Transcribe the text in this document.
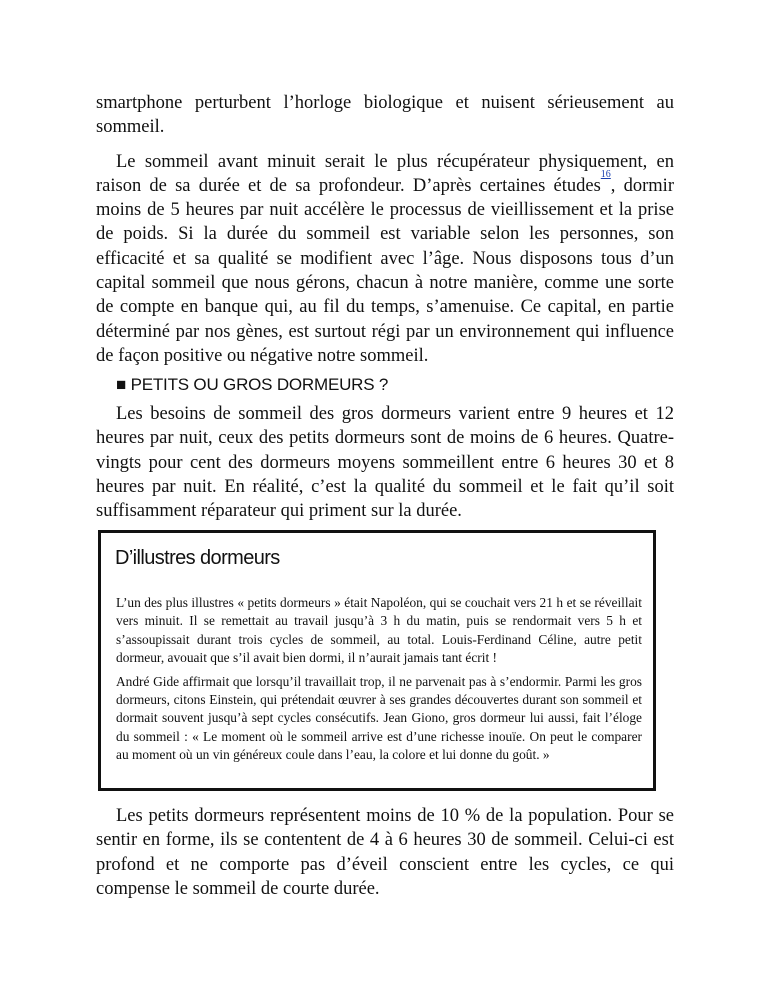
smartphone perturbent l’horloge biologique et nuisent sérieusement au sommeil.

Le sommeil avant minuit serait le plus récupérateur physiquement, en raison de sa durée et de sa profondeur. D’après certaines études$^{16}$, dormir moins de 5 heures par nuit accélère le processus de vieillissement et la prise de poids. Si la durée du sommeil est variable selon les personnes, son efficacité et sa qualité se modifient avec l’âge. Nous disposons tous d’un capital sommeil que nous gérons, chacun à notre manière, comme une sorte de compte en banque qui, au fil du temps, s’amenuise. Ce capital, en partie déterminé par nos gènes, est surtout régi par un environnement qui influence de façon positive ou négative notre sommeil.

■ PETITS OU GROS DORMEURS ?

Les besoins de sommeil des gros dormeurs varient entre 9 heures et 12 heures par nuit, ceux des petits dormeurs sont de moins de 6 heures. Quatre-vingts pour cent des dormeurs moyens sommeillent entre 6 heures 30 et 8 heures par nuit. En réalité, c’est la qualité du sommeil et le fait qu’il soit suffisamment réparateur qui priment sur la durée.

D’illustres dormeurs

L’un des plus illustres « petits dormeurs » était Napoléon, qui se couchait vers 21 h et se réveillait vers minuit. Il se remettait au travail jusqu’à 3 h du matin, puis se rendormait vers 5 h et s’assoupissait durant trois cycles de sommeil, au total. Louis-Ferdinand Céline, autre petit dormeur, avouait que s’il avait bien dormi, il n’aurait jamais tant écrit !

André Gide affirmait que lorsqu’il travaillait trop, il ne parvenait pas à s’endormir. Parmi les gros dormeurs, citons Einstein, qui prétendait œuvrer à ses grandes découvertes durant son sommeil et dormait souvent jusqu’à sept cycles consécutifs. Jean Giono, gros dormeur lui aussi, fait l’éloge du sommeil : « Le moment où le sommeil arrive est d’une richesse inouïe. On peut le comparer au moment où un vin généreux coule dans l’eau, la colore et lui donne du goût. »

Les petits dormeurs représentent moins de 10 % de la population. Pour se sentir en forme, ils se contentent de 4 à 6 heures 30 de sommeil. Celui-ci est profond et ne comporte pas d’éveil conscient entre les cycles, ce qui compense le sommeil de courte durée.
